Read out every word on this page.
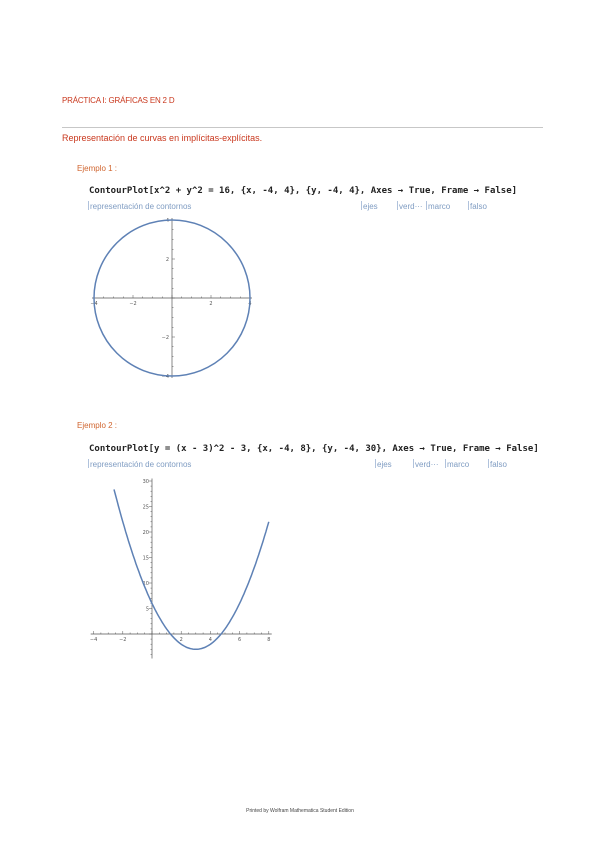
PRÁCTICA I: GRÁFICAS EN 2 D
Representación de curvas en implícitas-explícitas.
Ejemplo 1 :
ContourPlot[x^2 + y^2 = 16, {x, -4, 4}, {y, -4, 4}, Axes → True, Frame → False]
representación de contornos	ejes	verd··· marco falso
−4	−2	2	4
4
2
−2
−4
Ejemplo 2 :
ContourPlot[y = (x - 3)^2 - 3, {x, -4, 8}, {y, -4, 30}, Axes → True, Frame → False]
representación de contornos	ejes	verd··· marco	falso
−4	−2	2	4	6	8
30
25
20
15
10
5
Printed by Wolfram Mathematica Student Edition
